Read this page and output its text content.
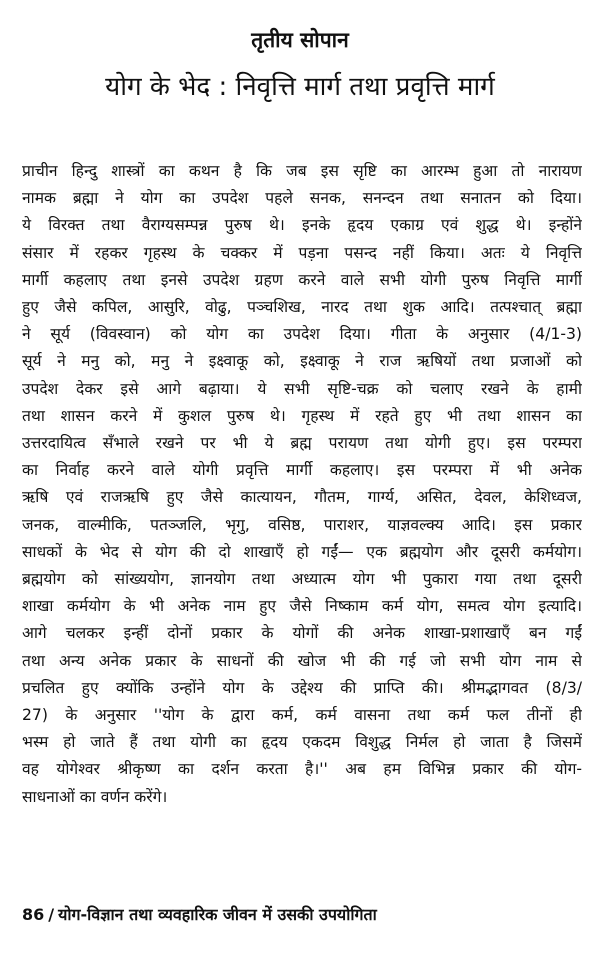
तृतीय सोपान
योग के भेद : निवृत्ति मार्ग तथा प्रवृत्ति मार्ग
प्राचीन हिन्दु शास्त्रों का कथन है कि जब इस सृष्टि का आरम्भ हुआ तो नारायण
नामक ब्रह्मा ने योग का उपदेश पहले सनक, सनन्दन तथा सनातन को दिया।
ये विरक्त तथा वैराग्यसम्पन्न पुरुष थे। इनके हृदय एकाग्र एवं शुद्ध थे। इन्होंने
संसार में रहकर गृहस्थ के चक्कर में पड़ना पसन्द नहीं किया। अतः ये निवृत्ति
मार्गी कहलाए तथा इनसे उपदेश ग्रहण करने वाले सभी योगी पुरुष निवृत्ति मार्गी
हुए जैसे कपिल, आसुरि, वोढु, पञ्चशिख, नारद तथा शुक आदि। तत्पश्चात् ब्रह्मा
ने सूर्य (विवस्वान) को योग का उपदेश दिया। गीता के अनुसार (4/1-3)
सूर्य ने मनु को, मनु ने इक्ष्वाकू को, इक्ष्वाकू ने राज ऋषियों तथा प्रजाओं को
उपदेश देकर इसे आगे बढ़ाया। ये सभी सृष्टि-चक्र को चलाए रखने के हामी
तथा शासन करने में कुशल पुरुष थे। गृहस्थ में रहते हुए भी तथा शासन का
उत्तरदायित्व सँभाले रखने पर भी ये ब्रह्म परायण तथा योगी हुए। इस परम्परा
का निर्वाह करने वाले योगी प्रवृत्ति मार्गी कहलाए। इस परम्परा में भी अनेक
ऋषि एवं राजऋषि हुए जैसे कात्यायन, गौतम, गार्ग्य, असित, देवल, केशिध्वज,
जनक, वाल्मीकि, पतञ्जलि, भृगु, वसिष्ठ, पाराशर, याज्ञवल्क्य आदि। इस प्रकार
साधकों के भेद से योग की दो शाखाएँ हो गईं— एक ब्रह्मयोग और दूसरी कर्मयोग।
ब्रह्मयोग को सांख्ययोग, ज्ञानयोग तथा अध्यात्म योग भी पुकारा गया तथा दूसरी
शाखा कर्मयोग के भी अनेक नाम हुए जैसे निष्काम कर्म योग, समत्व योग इत्यादि।
आगे चलकर इन्हीं दोनों प्रकार के योगों की अनेक शाखा-प्रशाखाएँ बन गईं
तथा अन्य अनेक प्रकार के साधनों की खोज भी की गई जो सभी योग नाम से
प्रचलित हुए क्योंकि उन्होंने योग के उद्देश्य की प्राप्ति की। श्रीमद्भागवत (8/3/
27) के अनुसार ''योग के द्वारा कर्म, कर्म वासना तथा कर्म फल तीनों ही
भस्म हो जाते हैं तथा योगी का हृदय एकदम विशुद्ध निर्मल हो जाता है जिसमें
वह योगेश्वर श्रीकृष्ण का दर्शन करता है।'' अब हम विभिन्न प्रकार की योग-
साधनाओं का वर्णन करेंगे।
86 / योग-विज्ञान तथा व्यवहारिक जीवन में उसकी उपयोगिता
